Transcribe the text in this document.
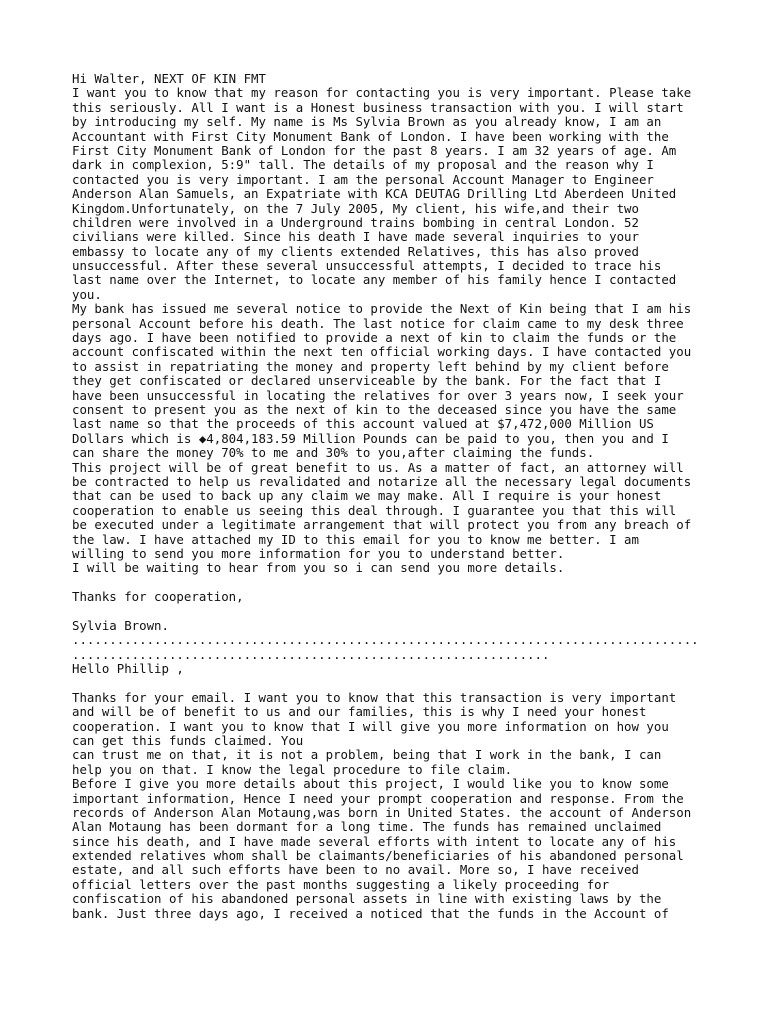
Hi Walter, NEXT OF KIN FMT
I want you to know that my reason for contacting you is very important. Please take
this seriously. All I want is a Honest business transaction with you. I will start
by introducing my self. My name is Ms Sylvia Brown as you already know, I am an
Accountant with First City Monument Bank of London. I have been working with the
First City Monument Bank of London for the past 8 years. I am 32 years of age. Am
dark in complexion, 5:9" tall. The details of my proposal and the reason why I
contacted you is very important. I am the personal Account Manager to Engineer
Anderson Alan Samuels, an Expatriate with KCA DEUTAG Drilling Ltd Aberdeen United
Kingdom.Unfortunately, on the 7 July 2005, My client, his wife,and their two
children were involved in a Underground trains bombing in central London. 52
civilians were killed. Since his death I have made several inquiries to your
embassy to locate any of my clients extended Relatives, this has also proved
unsuccessful. After these several unsuccessful attempts, I decided to trace his
last name over the Internet, to locate any member of his family hence I contacted
you.
My bank has issued me several notice to provide the Next of Kin being that I am his
personal Account before his death. The last notice for claim came to my desk three
days ago. I have been notified to provide a next of kin to claim the funds or the
account confiscated within the next ten official working days. I have contacted you
to assist in repatriating the money and property left behind by my client before
they get confiscated or declared unserviceable by the bank. For the fact that I
have been unsuccessful in locating the relatives for over 3 years now, I seek your
consent to present you as the next of kin to the deceased since you have the same
last name so that the proceeds of this account valued at $7,472,000 Million US
Dollars which is ◆4,804,183.59 Million Pounds can be paid to you, then you and I
can share the money 70% to me and 30% to you,after claiming the funds.
This project will be of great benefit to us. As a matter of fact, an attorney will
be contracted to help us revalidated and notarize all the necessary legal documents
that can be used to back up any claim we may make. All I require is your honest
cooperation to enable us seeing this deal through. I guarantee you that this will
be executed under a legitimate arrangement that will protect you from any breach of
the law. I have attached my ID to this email for you to know me better. I am
willing to send you more information for you to understand better.
I will be waiting to hear from you so i can send you more details.
Thanks for cooperation,
Sylvia Brown.
....................................................................................
................................................................
Hello Phillip ,
Thanks for your email. I want you to know that this transaction is very important
and will be of benefit to us and our families, this is why I need your honest
cooperation. I want you to know that I will give you more information on how you
can get this funds claimed. You
can trust me on that, it is not a problem, being that I work in the bank, I can
help you on that. I know the legal procedure to file claim.
Before I give you more details about this project, I would like you to know some
important information, Hence I need your prompt cooperation and response. From the
records of Anderson Alan Motaung,was born in United States. the account of Anderson
Alan Motaung has been dormant for a long time. The funds has remained unclaimed
since his death, and I have made several efforts with intent to locate any of his
extended relatives whom shall be claimants/beneficiaries of his abandoned personal
estate, and all such efforts have been to no avail. More so, I have received
official letters over the past months suggesting a likely proceeding for
confiscation of his abandoned personal assets in line with existing laws by the
bank. Just three days ago, I received a noticed that the funds in the Account of
